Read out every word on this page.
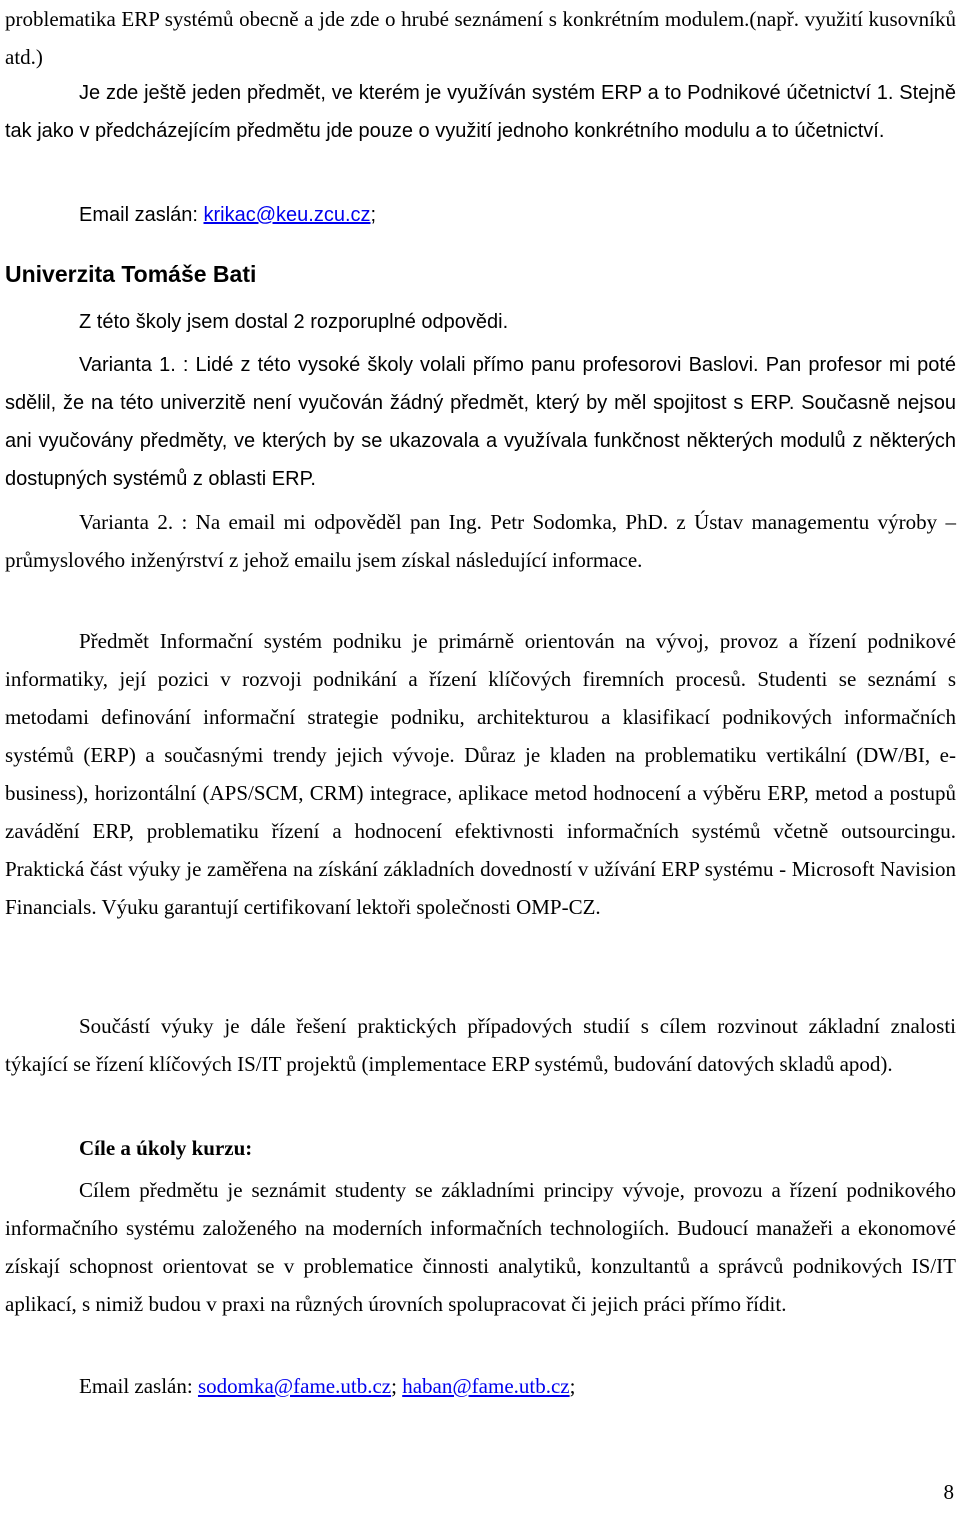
problematika ERP systémů obecně a jde zde o hrubé seznámení s konkrétním modulem.(např. využití kusovníků atd.)

Je zde ještě jeden předmět, ve kterém je využíván systém ERP a to Podnikové účetnictví 1. Stejně tak jako v předcházejícím předmětu jde pouze o využití jednoho konkrétního modulu a to účetnictví.

Email zaslán: krikac@keu.zcu.cz;

Univerzita Tomáše Bati

Z této školy jsem dostal 2 rozporuplné odpovědi.

Varianta 1. : Lidé z této vysoké školy volali přímo panu profesorovi Baslovi. Pan profesor mi poté sdělil, že na této univerzitě není vyučován žádný předmět, který by měl spojitost s ERP. Současně nejsou ani vyučovány předměty, ve kterých by se ukazovala a využívala funkčnost některých modulů z některých dostupných systémů z oblasti ERP.

Varianta 2. : Na email mi odpověděl pan Ing. Petr Sodomka, PhD. z Ústav managementu výroby – průmyslového inženýrství z jehož emailu jsem získal následující informace.

Předmět Informační systém podniku je primárně orientován na vývoj, provoz a řízení podnikové informatiky, její pozici v rozvoji podnikání a řízení klíčových firemních procesů. Studenti se seznámí s metodami definování informační strategie podniku, architekturou a klasifikací podnikových informačních systémů (ERP) a současnými trendy jejich vývoje. Důraz je kladen na problematiku vertikální (DW/BI, e-business), horizontální (APS/SCM, CRM) integrace, aplikace metod hodnocení a výběru ERP, metod a postupů zavádění ERP, problematiku řízení a hodnocení efektivnosti informačních systémů včetně outsourcingu. Praktická část výuky je zaměřena na získání základních dovedností v užívání ERP systému - Microsoft Navision Financials. Výuku garantují certifikovaní lektoři společnosti OMP-CZ.

Součástí výuky je dále řešení praktických případových studií s cílem rozvinout základní znalosti týkající se řízení klíčových IS/IT projektů (implementace ERP systémů, budování datových skladů apod).

Cíle a úkoly kurzu:

Cílem předmětu je seznámit studenty se základními principy vývoje, provozu a řízení podnikového informačního systému založeného na moderních informačních technologiích. Budoucí manažeři a ekonomové získají schopnost orientovat se v problematice činnosti analytiků, konzultantů a správců podnikových IS/IT aplikací, s nimiž budou v praxi na různých úrovních spolupracovat či jejich práci přímo řídit.

Email zaslán: sodomka@fame.utb.cz; haban@fame.utb.cz;

8
